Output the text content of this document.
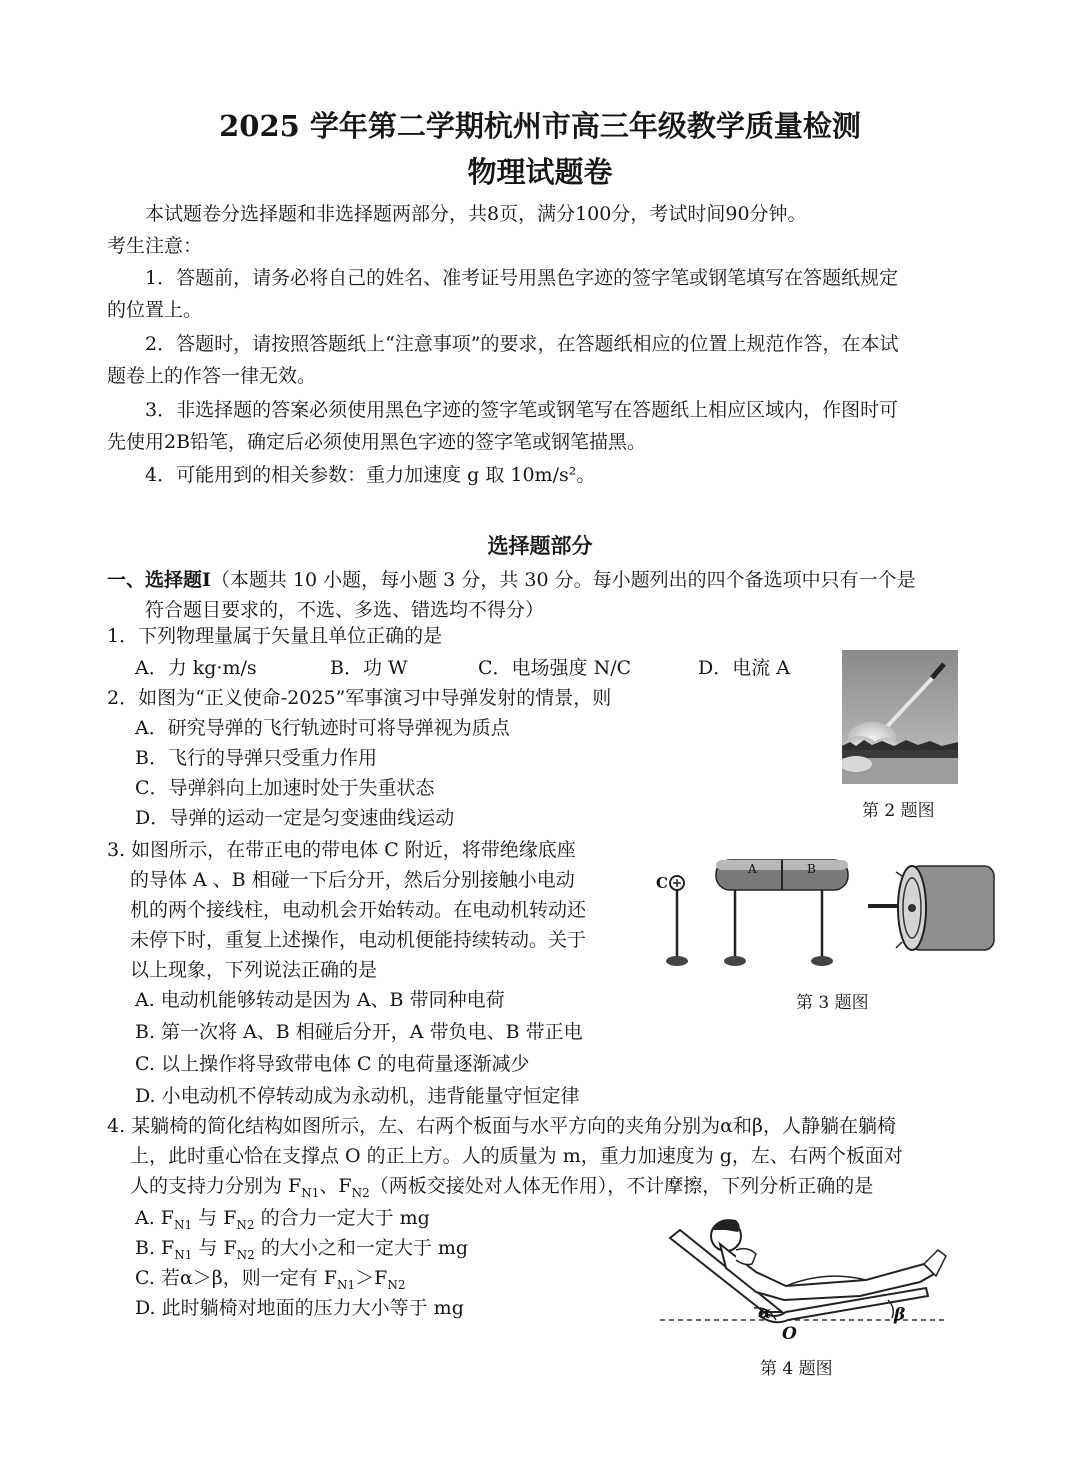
2025 学年第二学期杭州市高三年级教学质量检测
物理试题卷
本试题卷分选择题和非选择题两部分，共8页，满分100分，考试时间90分钟。
考生注意：
1．答题前，请务必将自己的姓名、准考证号用黑色字迹的签字笔或钢笔填写在答题纸规定
的位置上。
2．答题时，请按照答题纸上“注意事项”的要求，在答题纸相应的位置上规范作答，在本试
题卷上的作答一律无效。
3．非选择题的答案必须使用黑色字迹的签字笔或钢笔写在答题纸上相应区域内，作图时可
先使用2B铅笔，确定后必须使用黑色字迹的签字笔或钢笔描黑。
4．可能用到的相关参数：重力加速度 g 取 10m/s²。
选择题部分
一、选择题I（本题共 10 小题，每小题 3 分，共 30 分。每小题列出的四个备选项中只有一个是
符合题目要求的，不选、多选、错选均不得分）
1．下列物理量属于矢量且单位正确的是
A．力 kg·m/s	B．功 W	C．电场强度 N/C	D．电流 A
2．如图为“正义使命-2025”军事演习中导弹发射的情景，则
A．研究导弹的飞行轨迹时可将导弹视为质点
B．飞行的导弹只受重力作用
C．导弹斜向上加速时处于失重状态
D．导弹的运动一定是匀变速曲线运动	第 2 题图
3. 如图所示，在带正电的带电体 C 附近，将带绝缘底座
的导体 A 、B 相碰一下后分开，然后分别接触小电动
机的两个接线柱，电动机会开始转动。在电动机转动还
未停下时，重复上述操作，电动机便能持续转动。关于
以上现象，下列说法正确的是
A. 电动机能够转动是因为 A、B 带同种电荷
B. 第一次将 A、B 相碰后分开，A 带负电、B 带正电
C. 以上操作将导致带电体 C 的电荷量逐渐减少
D. 小电动机不停转动成为永动机，违背能量守恒定律
C
A	B
第 3 题图
4. 某躺椅的简化结构如图所示，左、右两个板面与水平方向的夹角分别为α和β，人静躺在躺椅
上，此时重心恰在支撑点 O 的正上方。人的质量为 m，重力加速度为 g，左、右两个板面对
人的支持力分别为 $F_{N1}$、$F_{N2}$（两板交接处对人体无作用），不计摩擦，下列分析正确的是
A. $F_{N1}$ 与 $F_{N2}$ 的合力一定大于 mg
B. $F_{N1}$ 与 $F_{N2}$ 的大小之和一定大于 mg
C. 若α＞β，则一定有 $F_{N1}>F_{N2}$
D. 此时躺椅对地面的压力大小等于 mg	α	β
O
第 4 题图
